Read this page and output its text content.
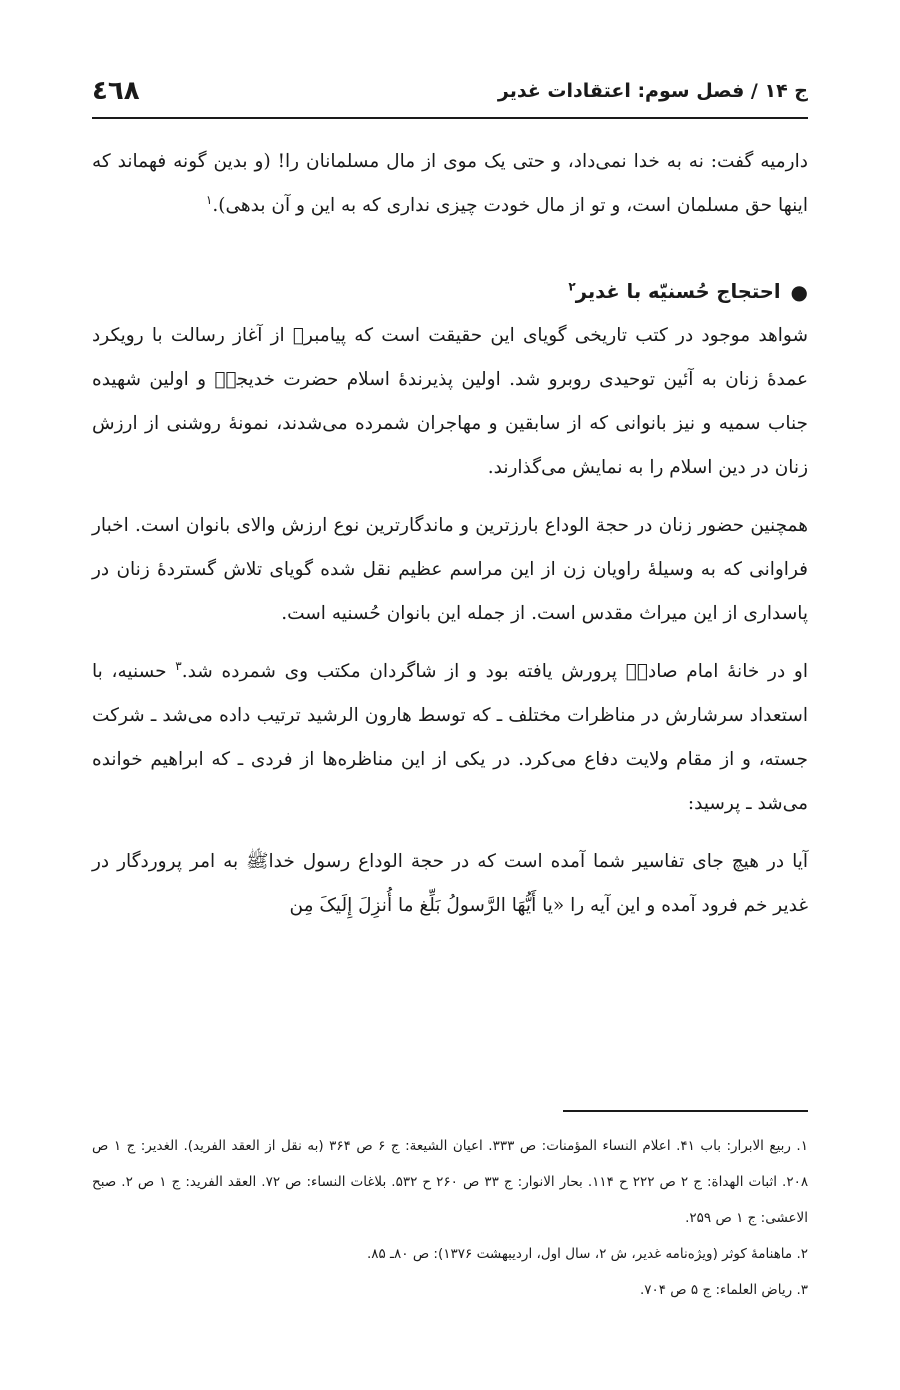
ج ۱۴ / فصل سوم: اعتقادات غدیر
٤٦٨

دارمیه گفت: نه به خدا نمی‌داد، و حتی یک موی از مال مسلمانان را! (و بدین گونه فهماند که اینها حق مسلمان است، و تو از مال خودت چیزی نداری که به این و آن بدهی).$^۱$

●
احتجاج حُسنیّه با غدیر$^۲$

شواهد موجود در کتب تاریخی گویای این حقیقت است که پیامبرﷺ از آغاز رسالت با رویکرد عمدهٔ زنان به آئین توحیدی روبرو شد. اولین پذیرندهٔ اسلام حضرت خدیجهؑ و اولین شهیده جناب سمیه و نیز بانوانی که از سابقین و مهاجران شمرده می‌شدند، نمونهٔ روشنی از ارزش زنان در دین اسلام را به نمایش می‌گذارند.

همچنین حضور زنان در حجة الوداع بارزترین و ماندگارترین نوع ارزش والای بانوان است. اخبار فراوانی که به وسیلهٔ راویان زن از این مراسم عظیم نقل شده گویای تلاش گستردهٔ زنان در پاسداری از این میراث مقدس است. از جمله این بانوان حُسنیه است.

او در خانهٔ امام صادقؑ پرورش یافته بود و از شاگردان مکتب وی شمرده شد.$^۳$ حسنیه، با استعداد سرشارش در مناظرات مختلف ـ که توسط هارون الرشید ترتیب داده می‌شد ـ شرکت جسته، و از مقام ولایت دفاع می‌کرد. در یکی از این مناظره‌ها از فردی ـ که ابراهیم خوانده می‌شد ـ پرسید:

آیا در هیچ جای تفاسیر شما آمده است که در حجة الوداع رسول خداﷺ به امر پروردگار در غدیر خم فرود آمده و این آیه را «یا أَیُّهَا الرَّسولُ بَلِّغ ما أُنزِلَ إِلَیکَ مِن

۱. ربیع الابرار: باب ۴۱. اعلام النساء المؤمنات: ص ۳۳۳. اعیان الشیعة: ج ۶ ص ۳۶۴ (به نقل از العقد الفرید). الغدیر: ج ۱ ص ۲۰۸. اثبات الهداة: ج ۲ ص ۲۲۲ ح ۱۱۴. بحار الانوار: ج ۳۳ ص ۲۶۰ ح ۵۳۲. بلاغات النساء: ص ۷۲. العقد الفرید: ج ۱ ص ۲. صبح الاعشی: ج ۱ ص ۲۵۹.

۲. ماهنامهٔ کوثر (ویژه‌نامه غدیر، ش ۲، سال اول، اردیبهشت ۱۳۷۶): ص ۸۰ـ ۸۵.

۳. ریاض العلماء: ج ۵ ص ۷۰۴.
